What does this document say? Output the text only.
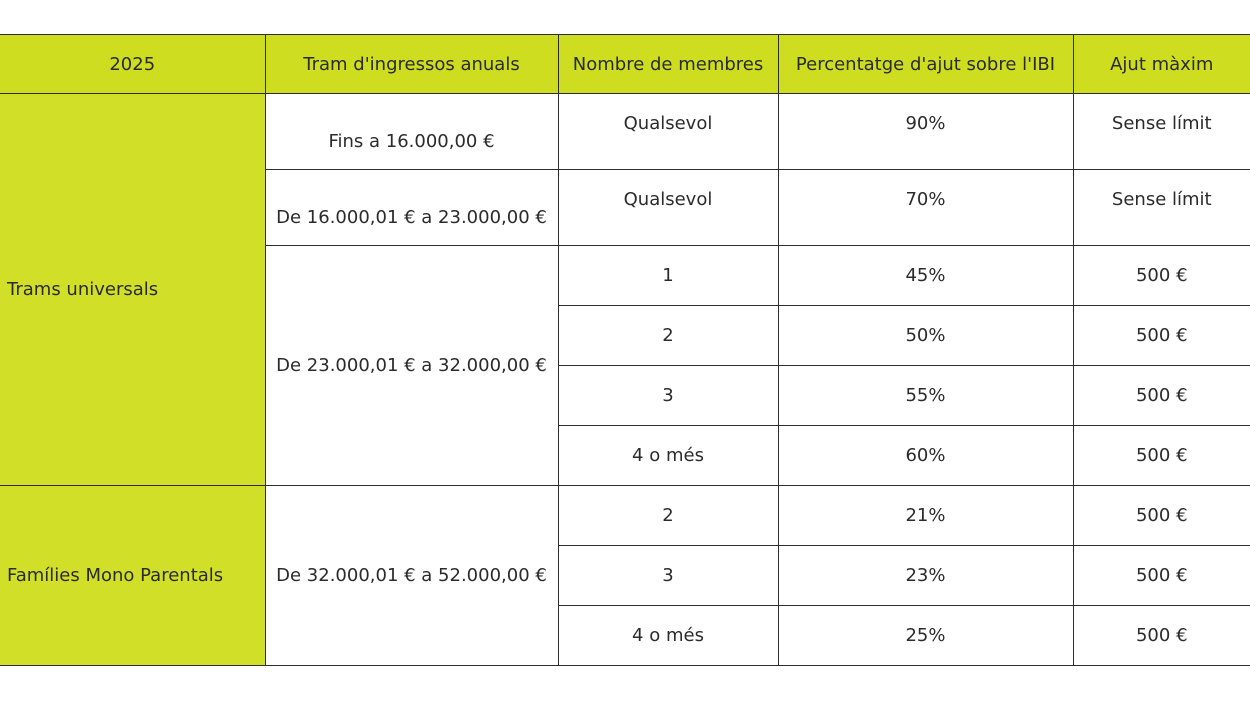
2025	Tram d'ingressos anuals	Nombre de membres	Percentatge d'ajut sobre l'IBI	Ajut màxim
Trams universals	Fins a 16.000,00 €	Qualsevol	90%	Sense límit
	De 16.000,01 € a 23.000,00 €	Qualsevol	70%	Sense límit
	De 23.000,01 € a 32.000,00 €	1	45%	500 €
		2	50%	500 €
		3	55%	500 €
		4 o més	60%	500 €
Famílies Mono Parentals	De 32.000,01 € a 52.000,00 €	2	21%	500 €
		3	23%	500 €
		4 o més	25%	500 €
